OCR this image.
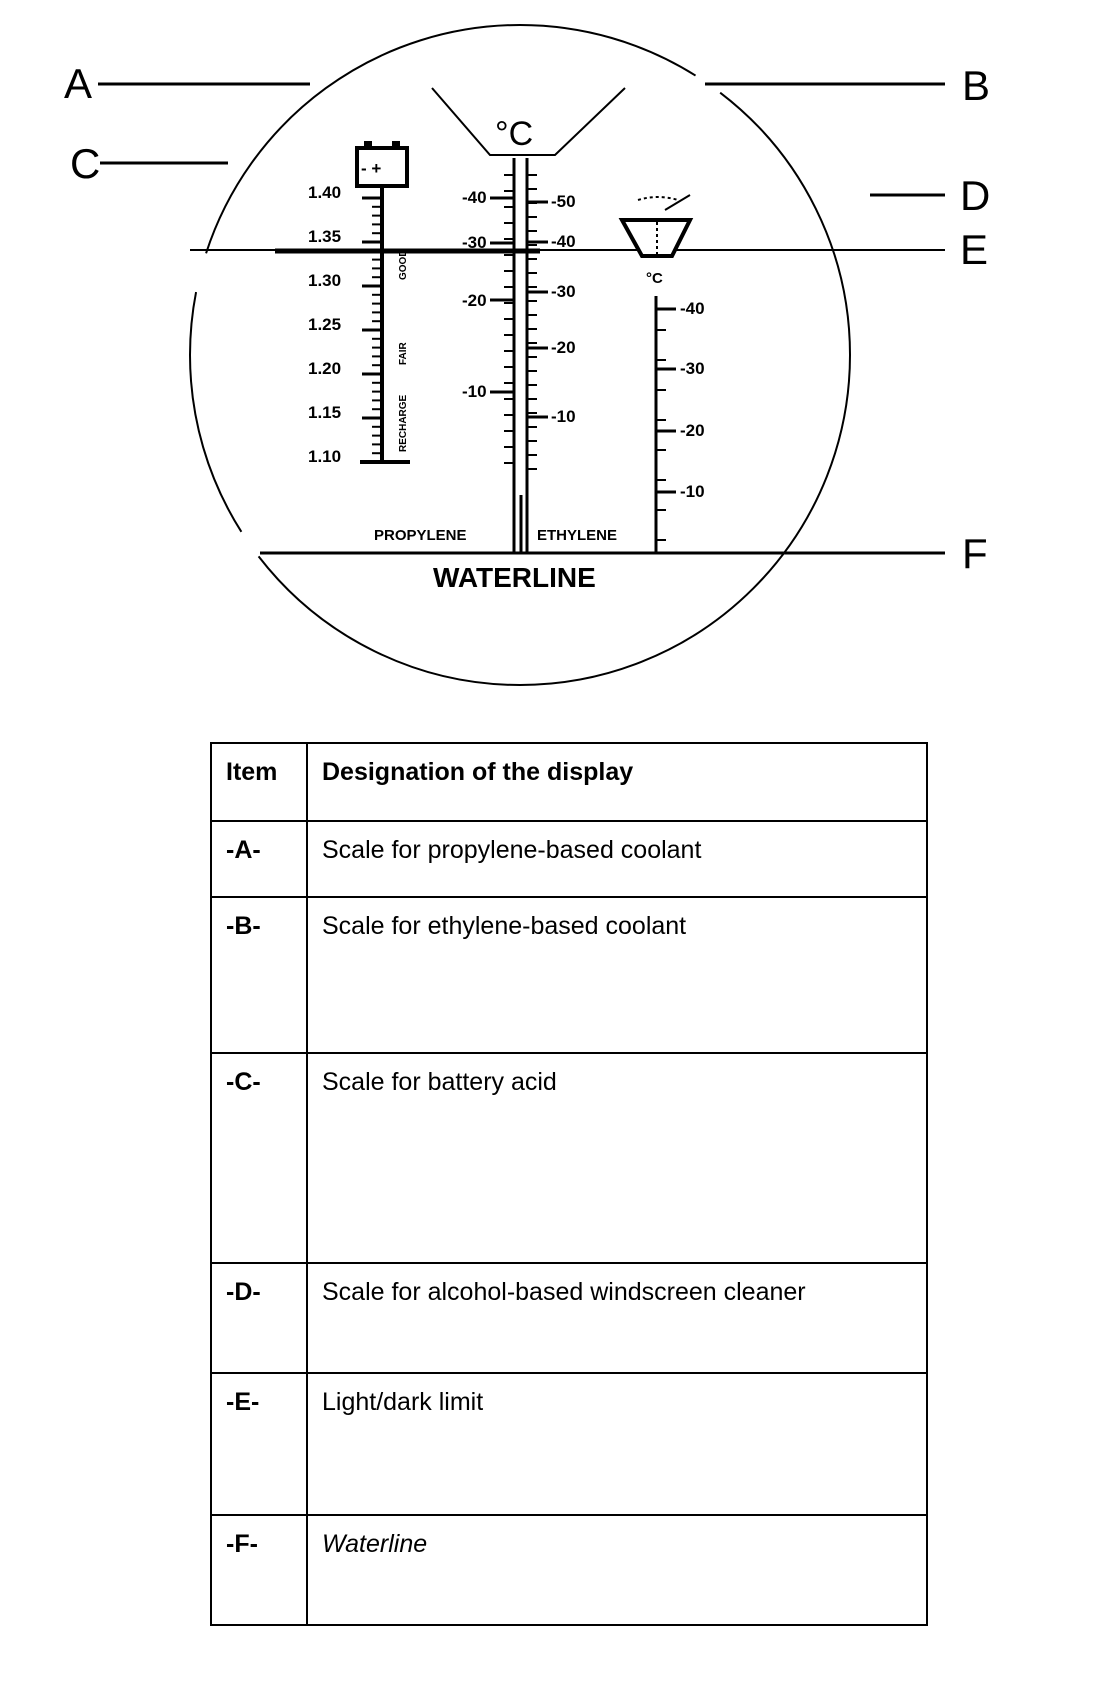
A	B
C
D
E
F
- +
1.40
1.35
1.30
1.25
1.20
1.15
1.10
GOOD
FAIR
RECHARGE
°C
-40
-30
-20
-10
-50
-40
-30
-20
-10
PROPYLENE	ETHYLENE
°C
-40
-30
-20
-10
WATERLINE
Item	Designation of the display
-A-	Scale for propylene-based coolant
-B-	Scale for ethylene-based coolant
-C-	Scale for battery acid
-D-	Scale for alcohol-based windscreen cleaner
-E-	Light/dark limit
-F-	Waterline
